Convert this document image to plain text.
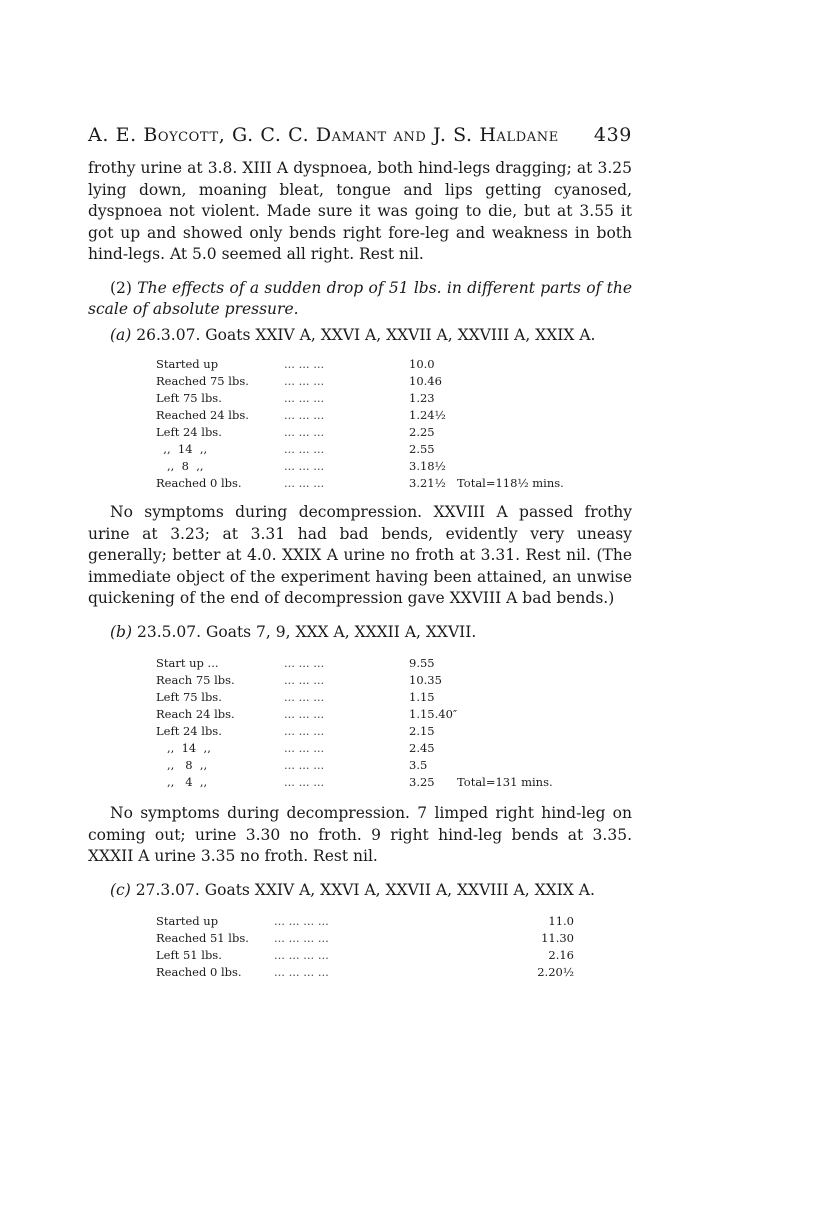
A. E. Boycott, G. C. C. Damant and J. S. Haldane 439

frothy urine at 3.8. XIII A dyspnoea, both hind-legs dragging; at 3.25 lying down, moaning bleat, tongue and lips getting cyanosed, dyspnoea not violent. Made sure it was going to die, but at 3.55 it got up and showed only bends right fore-leg and weakness in both hind-legs. At 5.0 seemed all right. Rest nil.

(2) The effects of a sudden drop of 51 lbs. in different parts of the scale of absolute pressure.

(a) 26.3.07. Goats XXIV A, XXVI A, XXVII A, XXVIII A, XXIX A.

Started up	... ... ...	10.0
Reached 75 lbs.	... ... ...	10.46
Left 75 lbs.	... ... ...	1.23
Reached 24 lbs.	... ... ...	1.24½
Left 24 lbs.	... ... ...	2.25
,,  14  ,,	... ... ...	2.55
,,  8  ,,	... ... ...	3.18½
Reached 0 lbs.	... ... ...	3.21½ Total=118½ mins.

No symptoms during decompression. XXVIII A passed frothy urine at 3.23; at 3.31 had bad bends, evidently very uneasy generally; better at 4.0. XXIX A urine no froth at 3.31. Rest nil. (The immediate object of the experiment having been attained, an unwise quickening of the end of decompression gave XXVIII A bad bends.)

(b) 23.5.07. Goats 7, 9, XXX A, XXXII A, XXVII.

Start up ...	... ... ...	9.55
Reach 75 lbs.	... ... ...	10.35
Left 75 lbs.	... ... ...	1.15
Reach 24 lbs.	... ... ...	1.15.40″
Left 24 lbs.	... ... ...	2.15
,,  14  ,,	... ... ...	2.45
,,   8  ,,	... ... ...	3.5
,,   4  ,,	... ... ...	3.25	Total=131 mins.

No symptoms during decompression. 7 limped right hind-leg on coming out; urine 3.30 no froth. 9 right hind-leg bends at 3.35. XXXII A urine 3.35 no froth. Rest nil.

(c) 27.3.07. Goats XXIV A, XXVI A, XXVII A, XXVIII A, XXIX A.

Started up	... ... ... ...	11.0
Reached 51 lbs.	... ... ... ...	11.30
Left 51 lbs.	... ... ... ...	2.16
Reached 0 lbs.	... ... ... ...	2.20½
